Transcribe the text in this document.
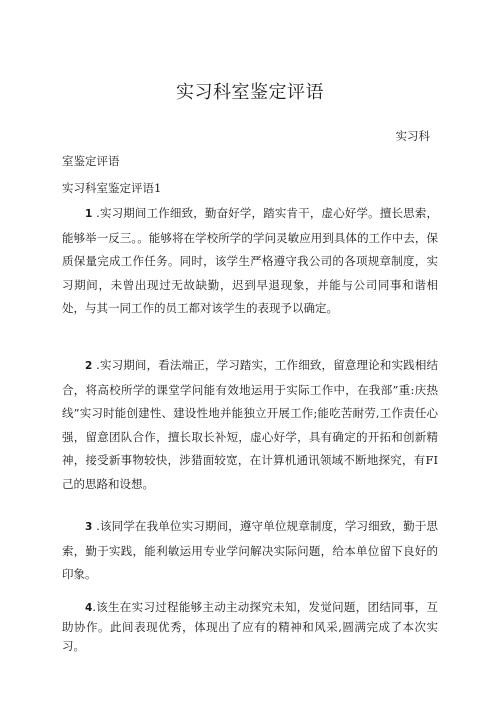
实习科室鉴定评语
实习科
室鉴定评语
实习科室鉴定评语1

1 .实习期间工作细致，勤奋好学，踏实肯干，虚心好学。擅长思索，能够举一反三。。能够将在学校所学的学问灵敏应用到具体的工作中去，保质保量完成工作任务。同时，该学生严格遵守我公司的各项规章制度，实习期间，未曾出现过无故缺勤，迟到早退现象，并能与公司同事和谐相处，与其一同工作的员工都对该学生的表现予以确定。

2 .实习期间，看法端正，学习踏实，工作细致，留意理论和实践相结合，将高校所学的课堂学问能有效地运用于实际工作中，在我部”重:庆热线”实习时能创建性、建设性地并能独立开展工作;能吃苦耐劳,工作责任心强，留意团队合作，擅长取长补短，虚心好学，具有确定的开拓和创新精神，接受新事物较快，涉猎面较宽，在计算机通讯领域不断地探究，有FI己的思路和设想。

3 .该同学在我单位实习期间，遵守单位规章制度，学习细致，勤于思索，勤于实践，能利敏运用专业学问解决实际问题，给本单位留下良好的印象。

4.该生在实习过程能够主动主动探究未知，发觉问题，团结同事，互助协作。此间表现优秀，体现出了应有的精神和风采,圆满完成了本次实习。
